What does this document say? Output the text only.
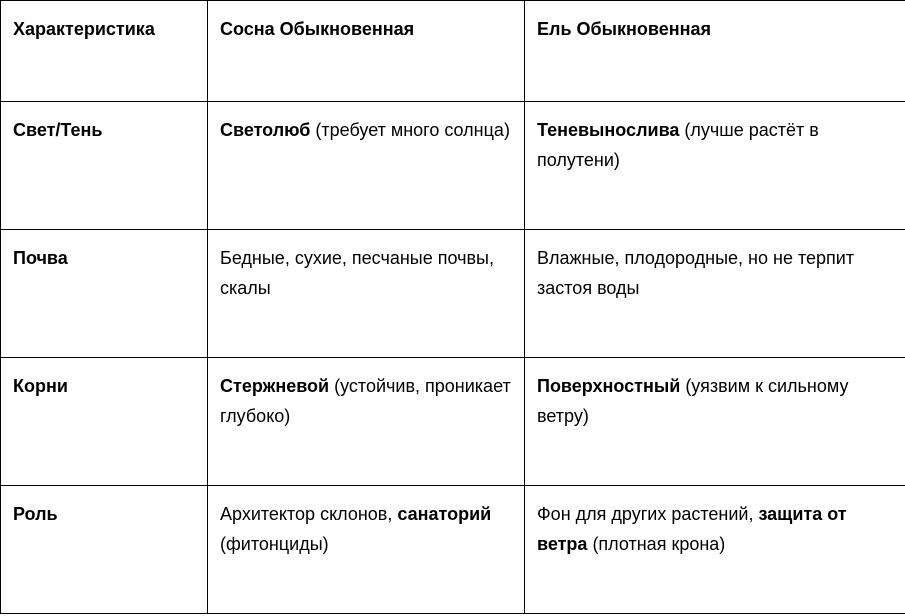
Характеристика	Сосна Обыкновенная	Ель Обыкновенная
Свет/Тень	Светолюб (требует много солнца)	Теневынослива (лучше растёт в полутени)
Почва	Бедные, сухие, песчаные почвы, скалы	Влажные, плодородные, но не терпит застоя воды
Корни	Стержневой (устойчив, проникает глубоко)	Поверхностный (уязвим к сильному ветру)
Роль	Архитектор склонов, санаторий (фитонциды)	Фон для других растений, защита от ветра (плотная крона)
